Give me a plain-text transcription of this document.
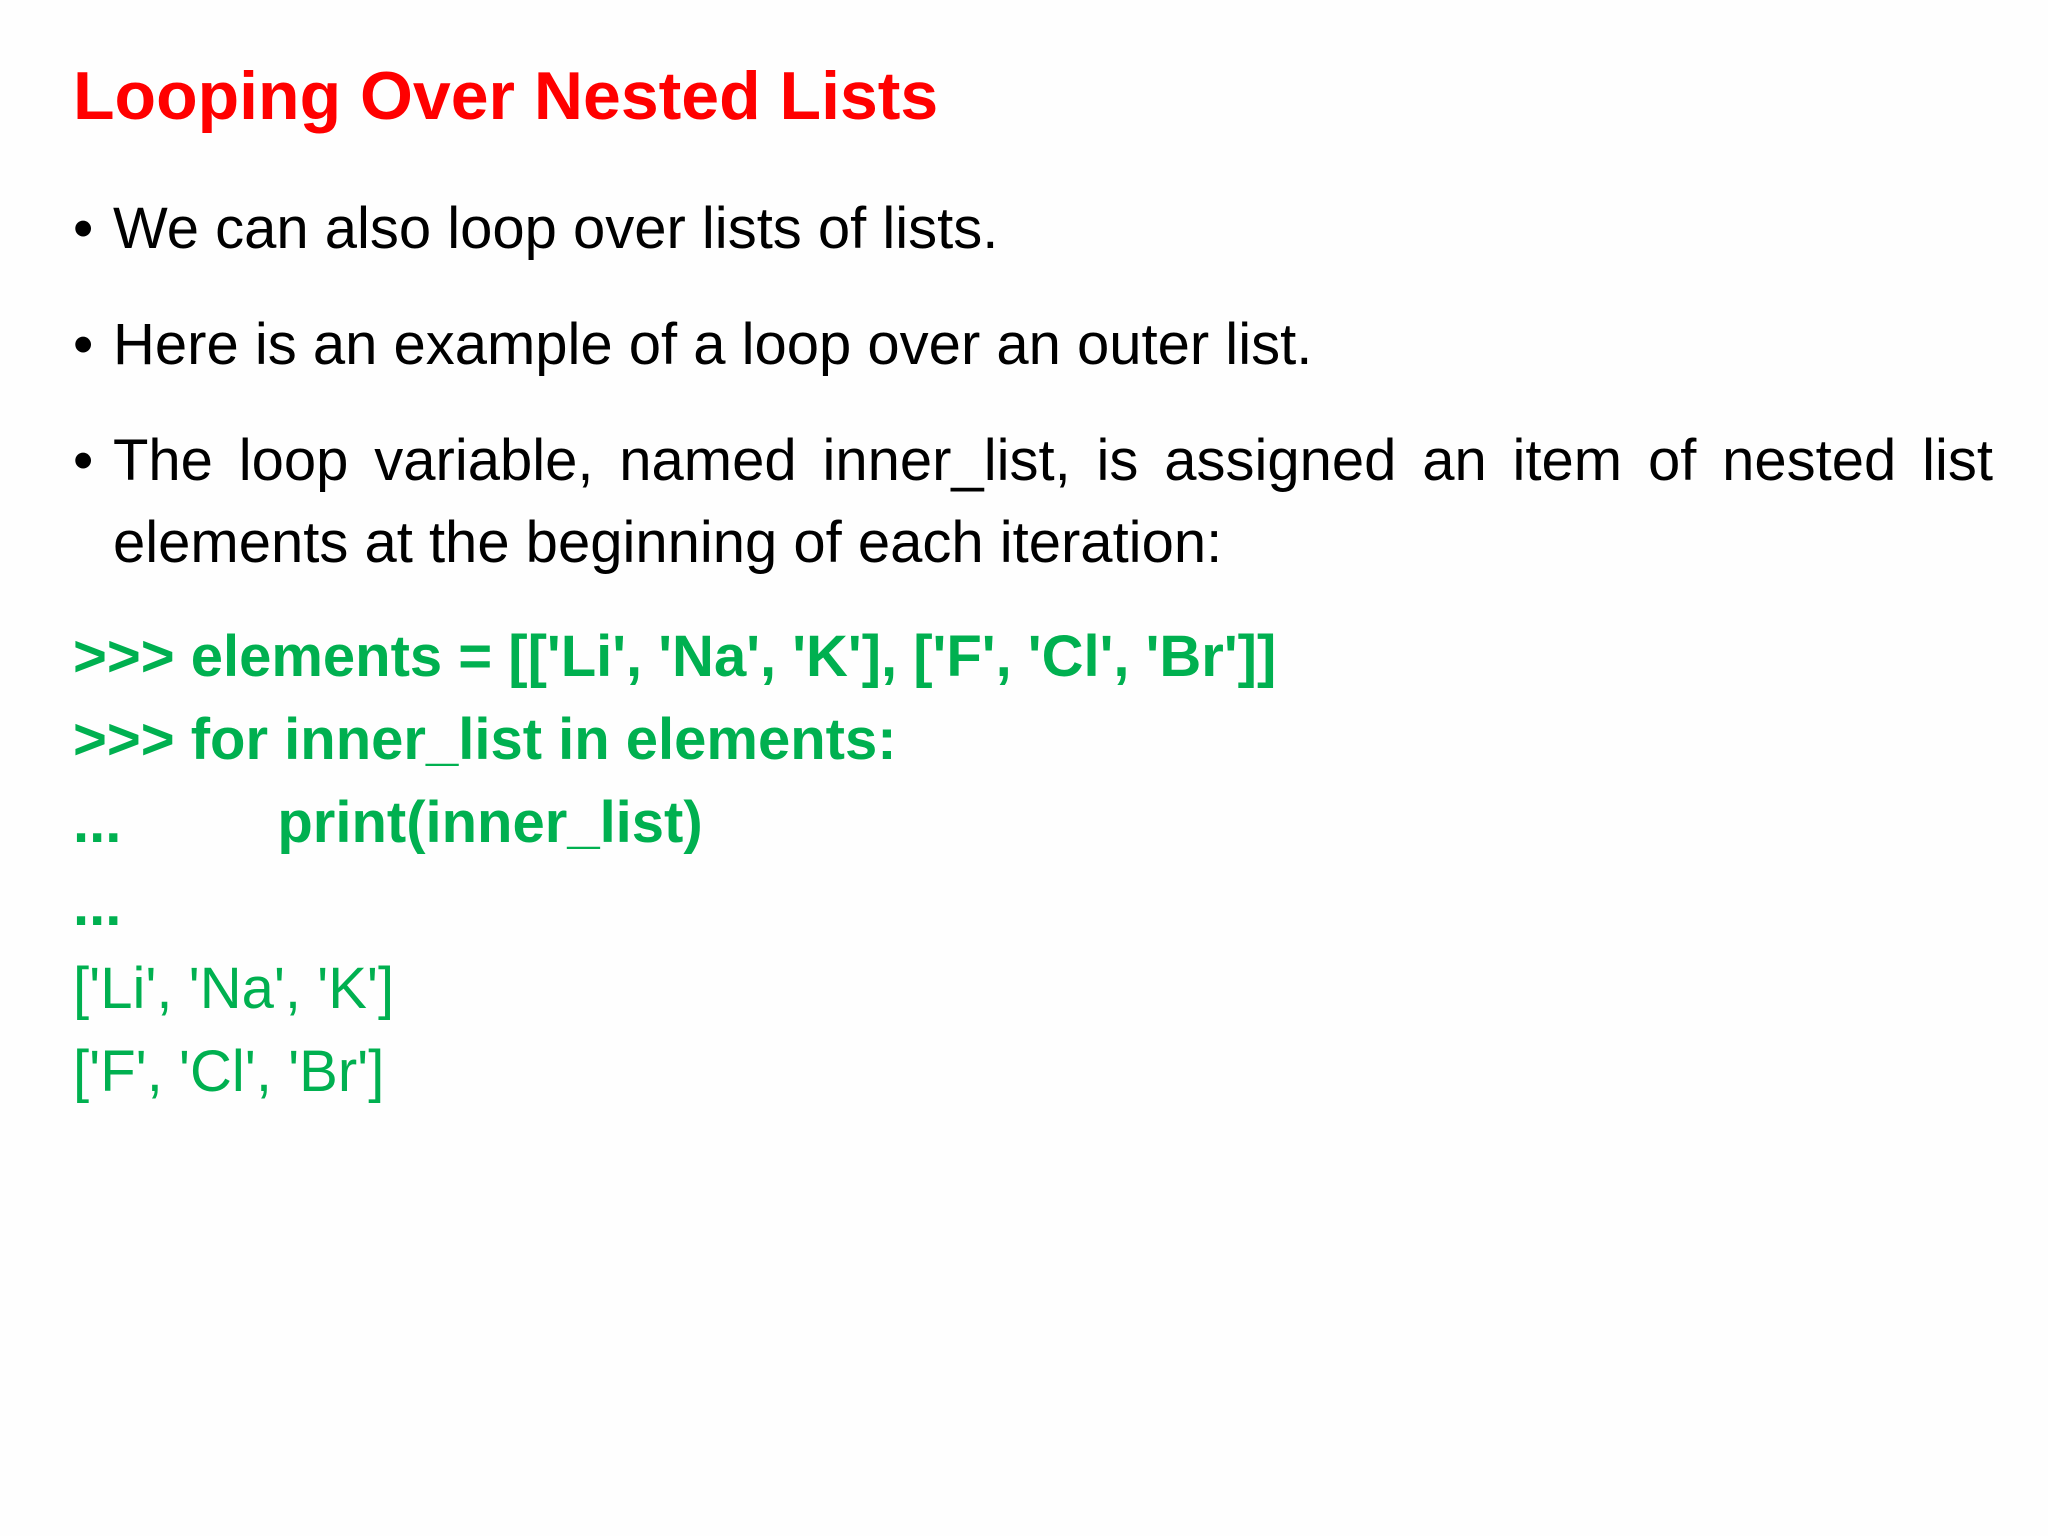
Looping Over Nested Lists
• We can also loop over lists of lists.
• Here is an example of a loop over an outer list.
• The loop variable, named inner_list, is assigned an item of nested list elements at the beginning of each iteration:
>>> elements = [['Li', 'Na', 'K'], ['F', 'Cl', 'Br']]
>>> for inner_list in elements:
...	print(inner_list)
...
['Li', 'Na', 'K']
['F', 'Cl', 'Br']
